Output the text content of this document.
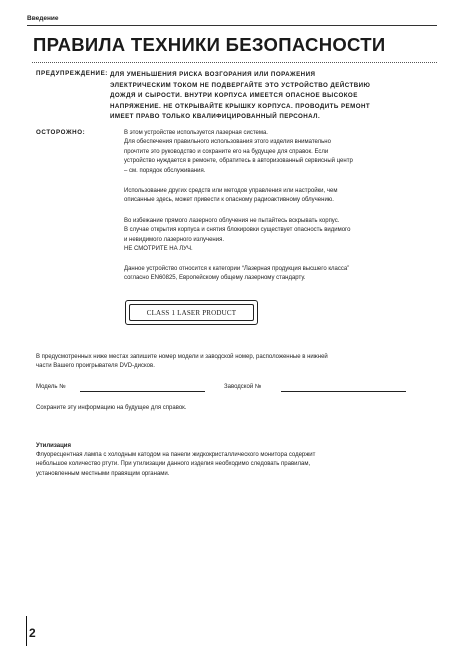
Введение
ПРАВИЛА ТЕХНИКИ БЕЗОПАСНОСТИ
ПРЕДУПРЕЖДЕНИЕ: ДЛЯ УМЕНЬШЕНИЯ РИСКА ВОЗГОРАНИЯ ИЛИ ПОРАЖЕНИЯ
ЭЛЕКТРИЧЕСКИМ ТОКОМ НЕ ПОДВЕРГАЙТЕ ЭТО УСТРОЙСТВО ДЕЙСТВИЮ
ДОЖДЯ И СЫРОСТИ. ВНУТРИ КОРПУСА ИМЕЕТСЯ ОПАСНОЕ ВЫСОКОЕ
НАПРЯЖЕНИЕ. НЕ ОТКРЫВАЙТЕ КРЫШКУ КОРПУСА. ПРОВОДИТЬ РЕМОНТ
ИМЕЕТ ПРАВО ТОЛЬКО КВАЛИФИЦИРОВАННЫЙ ПЕРСОНАЛ.
ОСТОРОЖНО:	В этом устройстве используется лазерная система.
Для обеспечения правильного использования этого изделия внимательно
прочтите это руководство и сохраните его на будущее для справок. Если
устройство нуждается в ремонте, обратитесь в авторизованный сервисный центр
– см. порядок обслуживания.
Использование других средств или методов управления или настройки, чем
описанные здесь, может привести к опасному радиоактивному облучению.
Во избежание прямого лазерного облучения не пытайтесь вскрывать корпус.
В случае открытия корпуса и снятия блокировки существует опасность видимого
и невидимого лазерного излучения.
НЕ СМОТРИТЕ НА ЛУЧ.
Данное устройство относится к категории “Лазерная продукция высшего класса”
согласно EN60825, Европейскому общему лазерному стандарту.
CLASS 1 LASER PRODUCT
В предусмотренных ниже местах запишите номер модели и заводской номер, расположенные в нижней
части Вашего проигрывателя DVD-дисков.
Модель №	Заводской №
Сохраните эту информацию на будущее для справок.
Утилизация
Флуоресцентная лампа с холодным катодом на панели жидкокристаллического монитора содержит
небольшое количество ртути. При утилизации данного изделия необходимо следовать правилам,
установленным местными правящим органами.
2
